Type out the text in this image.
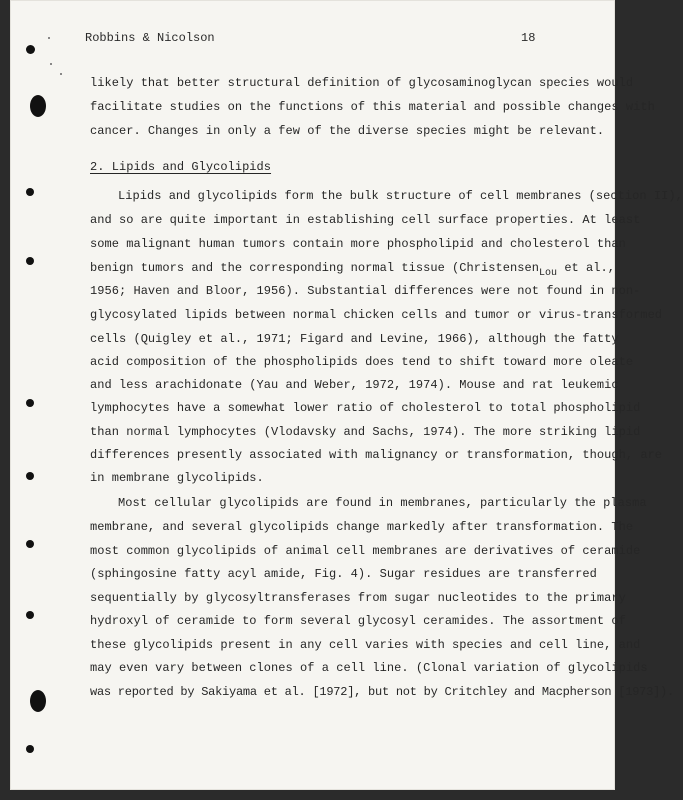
Robbins & Nicolson	18
likely that better structural definition of glycosaminoglycan species would
facilitate studies on the functions of this material and possible changes with
cancer. Changes in only a few of the diverse species might be relevant.
2. Lipids and Glycolipids
Lipids and glycolipids form the bulk structure of cell membranes (section II),
and so are quite important in establishing cell surface properties. At least
some malignant human tumors contain more phospholipid and cholesterol than
benign tumors and the corresponding normal tissue (Christensen$_{Lou}$ et al.,
1956; Haven and Bloor, 1956). Substantial differences were not found in non-
glycosylated lipids between normal chicken cells and tumor or virus-transformed
cells (Quigley et al., 1971; Figard and Levine, 1966), although the fatty
acid composition of the phospholipids does tend to shift toward more oleate
and less arachidonate (Yau and Weber, 1972, 1974). Mouse and rat leukemic
lymphocytes have a somewhat lower ratio of cholesterol to total phospholipid
than normal lymphocytes (Vlodavsky and Sachs, 1974). The more striking lipid
differences presently associated with malignancy or transformation, though, are
in membrane glycolipids.
Most cellular glycolipids are found in membranes, particularly the plasma
membrane, and several glycolipids change markedly after transformation. The
most common glycolipids of animal cell membranes are derivatives of ceramide
(sphingosine fatty acyl amide, Fig. 4). Sugar residues are transferred
sequentially by glycosyltransferases from sugar nucleotides to the primary
hydroxyl of ceramide to form several glycosyl ceramides. The assortment of
these glycolipids present in any cell varies with species and cell line, and
may even vary between clones of a cell line. (Clonal variation of glycolipids
was reported by Sakiyama et al. [1972], but not by Critchley and Macpherson [1973]).
